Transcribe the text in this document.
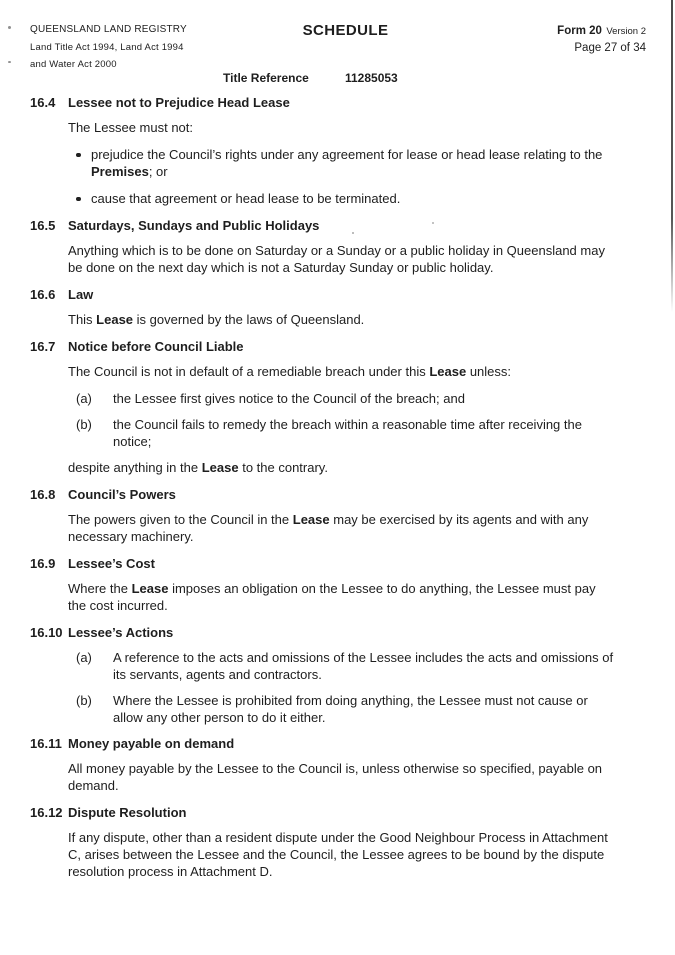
QUEENSLAND LAND REGISTRY
Land Title Act 1994, Land Act 1994
and Water Act 2000
SCHEDULE	Form 20 Version 2
Page 27 of 34
Title Reference	11285053
16.4 Lessee not to Prejudice Head Lease
The Lessee must not:
prejudice the Council’s rights under any agreement for lease or head lease relating to the
Premises; or
cause that agreement or head lease to be terminated.
16.5 Saturdays, Sundays and Public Holidays
Anything which is to be done on Saturday or a Sunday or a public holiday in Queensland may
be done on the next day which is not a Saturday Sunday or public holiday.
16.6 Law
This Lease is governed by the laws of Queensland.
16.7 Notice before Council Liable
The Council is not in default of a remediable breach under this Lease unless:
(a)	the Lessee first gives notice to the Council of the breach; and
(b)	the Council fails to remedy the breach within a reasonable time after receiving the
notice;
despite anything in the Lease to the contrary.
16.8 Council’s Powers
The powers given to the Council in the Lease may be exercised by its agents and with any
necessary machinery.
16.9 Lessee’s Cost
Where the Lease imposes an obligation on the Lessee to do anything, the Lessee must pay
the cost incurred.
16.10 Lessee’s Actions
(a)	A reference to the acts and omissions of the Lessee includes the acts and omissions of
its servants, agents and contractors.
(b)	Where the Lessee is prohibited from doing anything, the Lessee must not cause or
allow any other person to do it either.
16.11 Money payable on demand
All money payable by the Lessee to the Council is, unless otherwise so specified, payable on
demand.
16.12 Dispute Resolution
If any dispute, other than a resident dispute under the Good Neighbour Process in Attachment
C, arises between the Lessee and the Council, the Lessee agrees to be bound by the dispute
resolution process in Attachment D.
